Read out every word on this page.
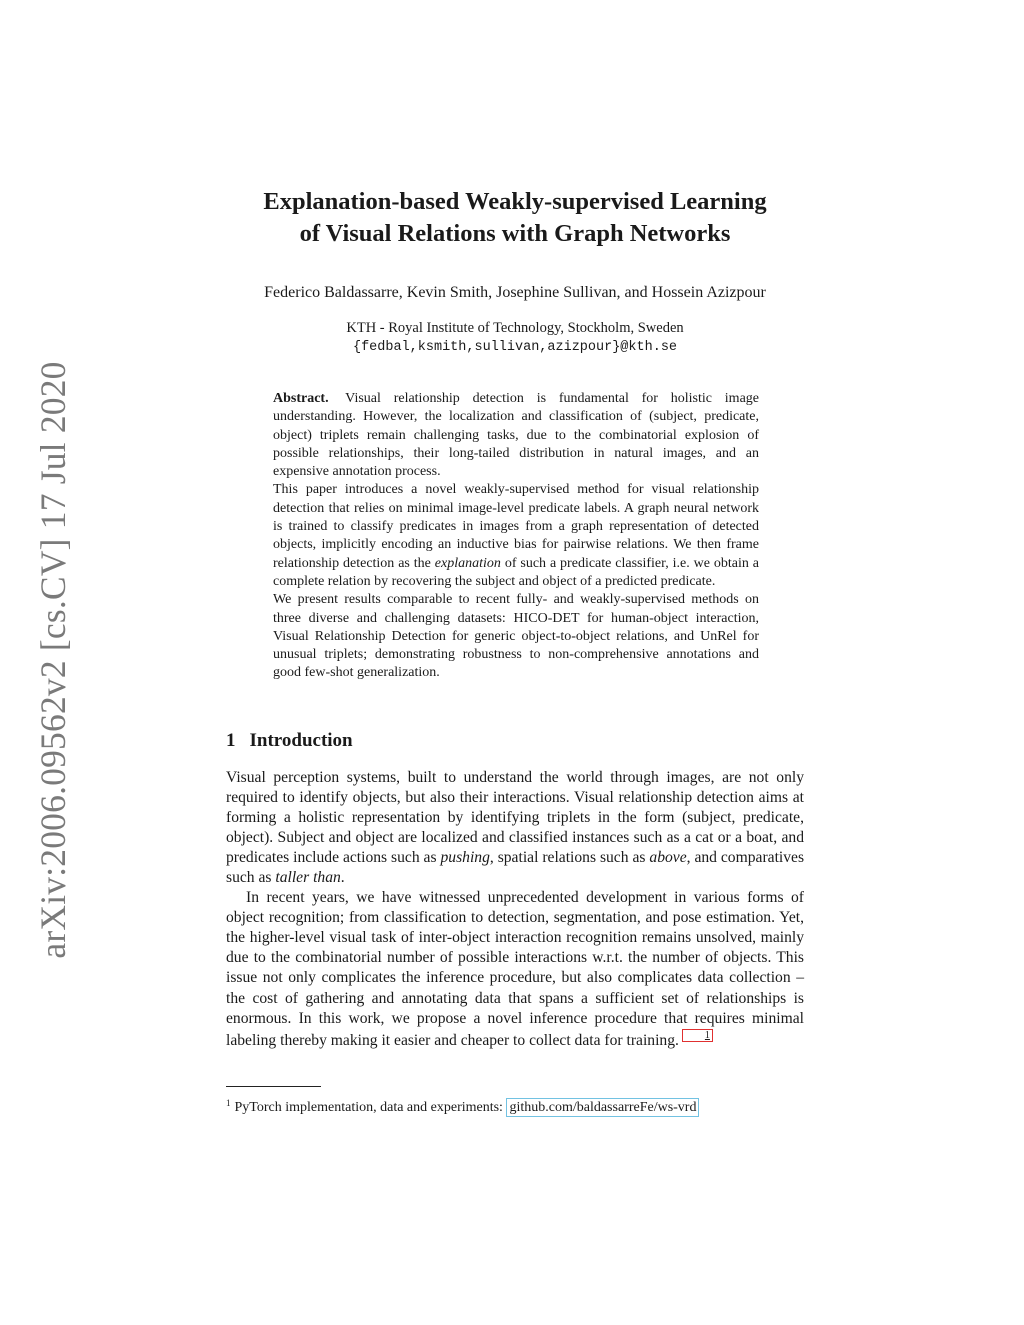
arXiv:2006.09562v2 [cs.CV] 17 Jul 2020
Explanation-based Weakly-supervised Learning
of Visual Relations with Graph Networks
Federico Baldassarre, Kevin Smith, Josephine Sullivan, and Hossein Azizpour
KTH - Royal Institute of Technology, Stockholm, Sweden
{fedbal,ksmith,sullivan,azizpour}@kth.se

Abstract. Visual relationship detection is fundamental for holistic image understanding. However, the localization and classification of (subject, predicate, object) triplets remain challenging tasks, due to the combinatorial explosion of possible relationships, their long-tailed distribution in natural images, and an expensive annotation process.

This paper introduces a novel weakly-supervised method for visual relationship detection that relies on minimal image-level predicate labels. A graph neural network is trained to classify predicates in images from a graph representation of detected objects, implicitly encoding an inductive bias for pairwise relations. We then frame relationship detection as the explanation of such a predicate classifier, i.e. we obtain a complete relation by recovering the subject and object of a predicted predicate.

We present results comparable to recent fully- and weakly-supervised methods on three diverse and challenging datasets: HICO-DET for human-object interaction, Visual Relationship Detection for generic object-to-object relations, and UnRel for unusual triplets; demonstrating robustness to non-comprehensive annotations and good few-shot generalization.

1 Introduction

Visual perception systems, built to understand the world through images, are not only required to identify objects, but also their interactions. Visual relationship detection aims at forming a holistic representation by identifying triplets in the form (subject, predicate, object). Subject and object are localized and classified instances such as a cat or a boat, and predicates include actions such as pushing, spatial relations such as above, and comparatives such as taller than.

In recent years, we have witnessed unprecedented development in various forms of object recognition; from classification to detection, segmentation, and pose estimation. Yet, the higher-level visual task of inter-object interaction recognition remains unsolved, mainly due to the combinatorial number of possible interactions w.r.t. the number of objects. This issue not only complicates the inference procedure, but also complicates data collection – the cost of gathering and annotating data that spans a sufficient set of relationships is enormous. In this work, we propose a novel inference procedure that requires minimal labeling thereby making it easier and cheaper to collect data for training.	1

$^1$ PyTorch implementation, data and experiments: github.com/baldassarreFe/ws-vrd
